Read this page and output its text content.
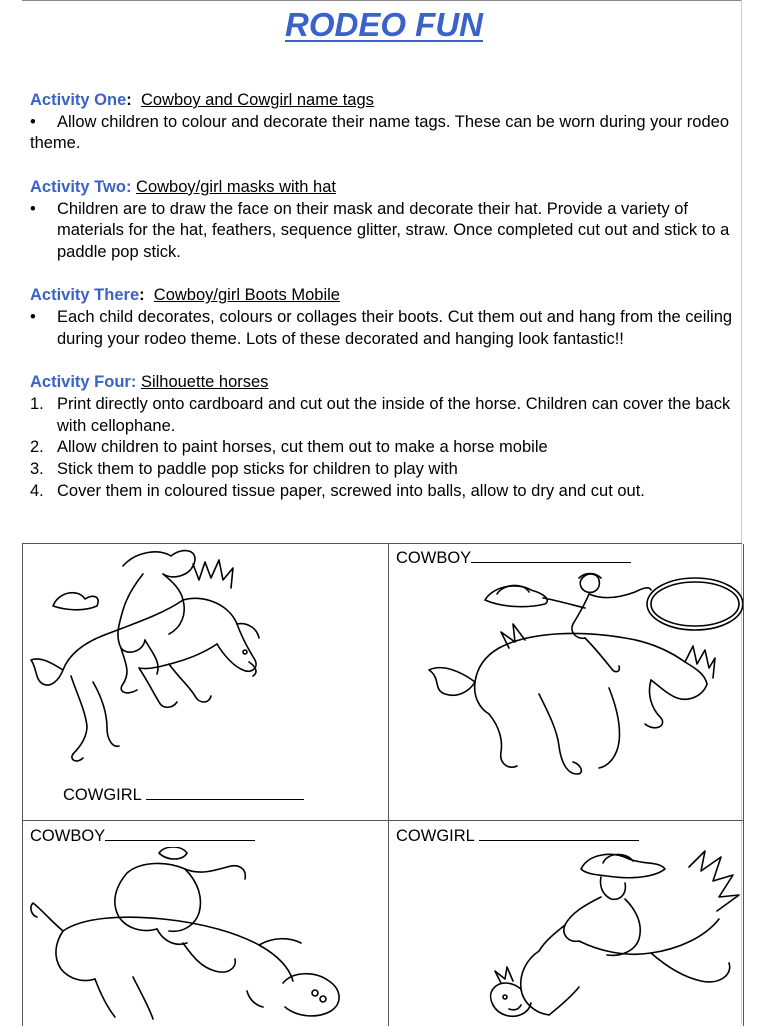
RODEO FUN
Activity One: Cowboy and Cowgirl name tags
• Allow children to colour and decorate their name tags. These can be worn during your rodeo theme.
Activity Two: Cowboy/girl masks with hat
•	Children are to draw the face on their mask and decorate their hat. Provide a variety of materials for the hat, feathers, sequence glitter, straw. Once completed cut out and stick to a paddle pop stick.
Activity There: Cowboy/girl Boots Mobile
•	Each child decorates, colours or collages their boots. Cut them out and hang from the ceiling during your rodeo theme. Lots of these decorated and hanging look fantastic!!
Activity Four: Silhouette horses
1. Print directly onto cardboard and cut out the inside of the horse. Children can cover the back with cellophane.
2. Allow children to paint horses, cut them out to make a horse mobile
3. Stick them to paddle pop sticks for children to play with
4. Cover them in coloured tissue paper, screwed into balls, allow to dry and cut out.
COWGIRL
COWBOY
COWBOY	COWGIRL
